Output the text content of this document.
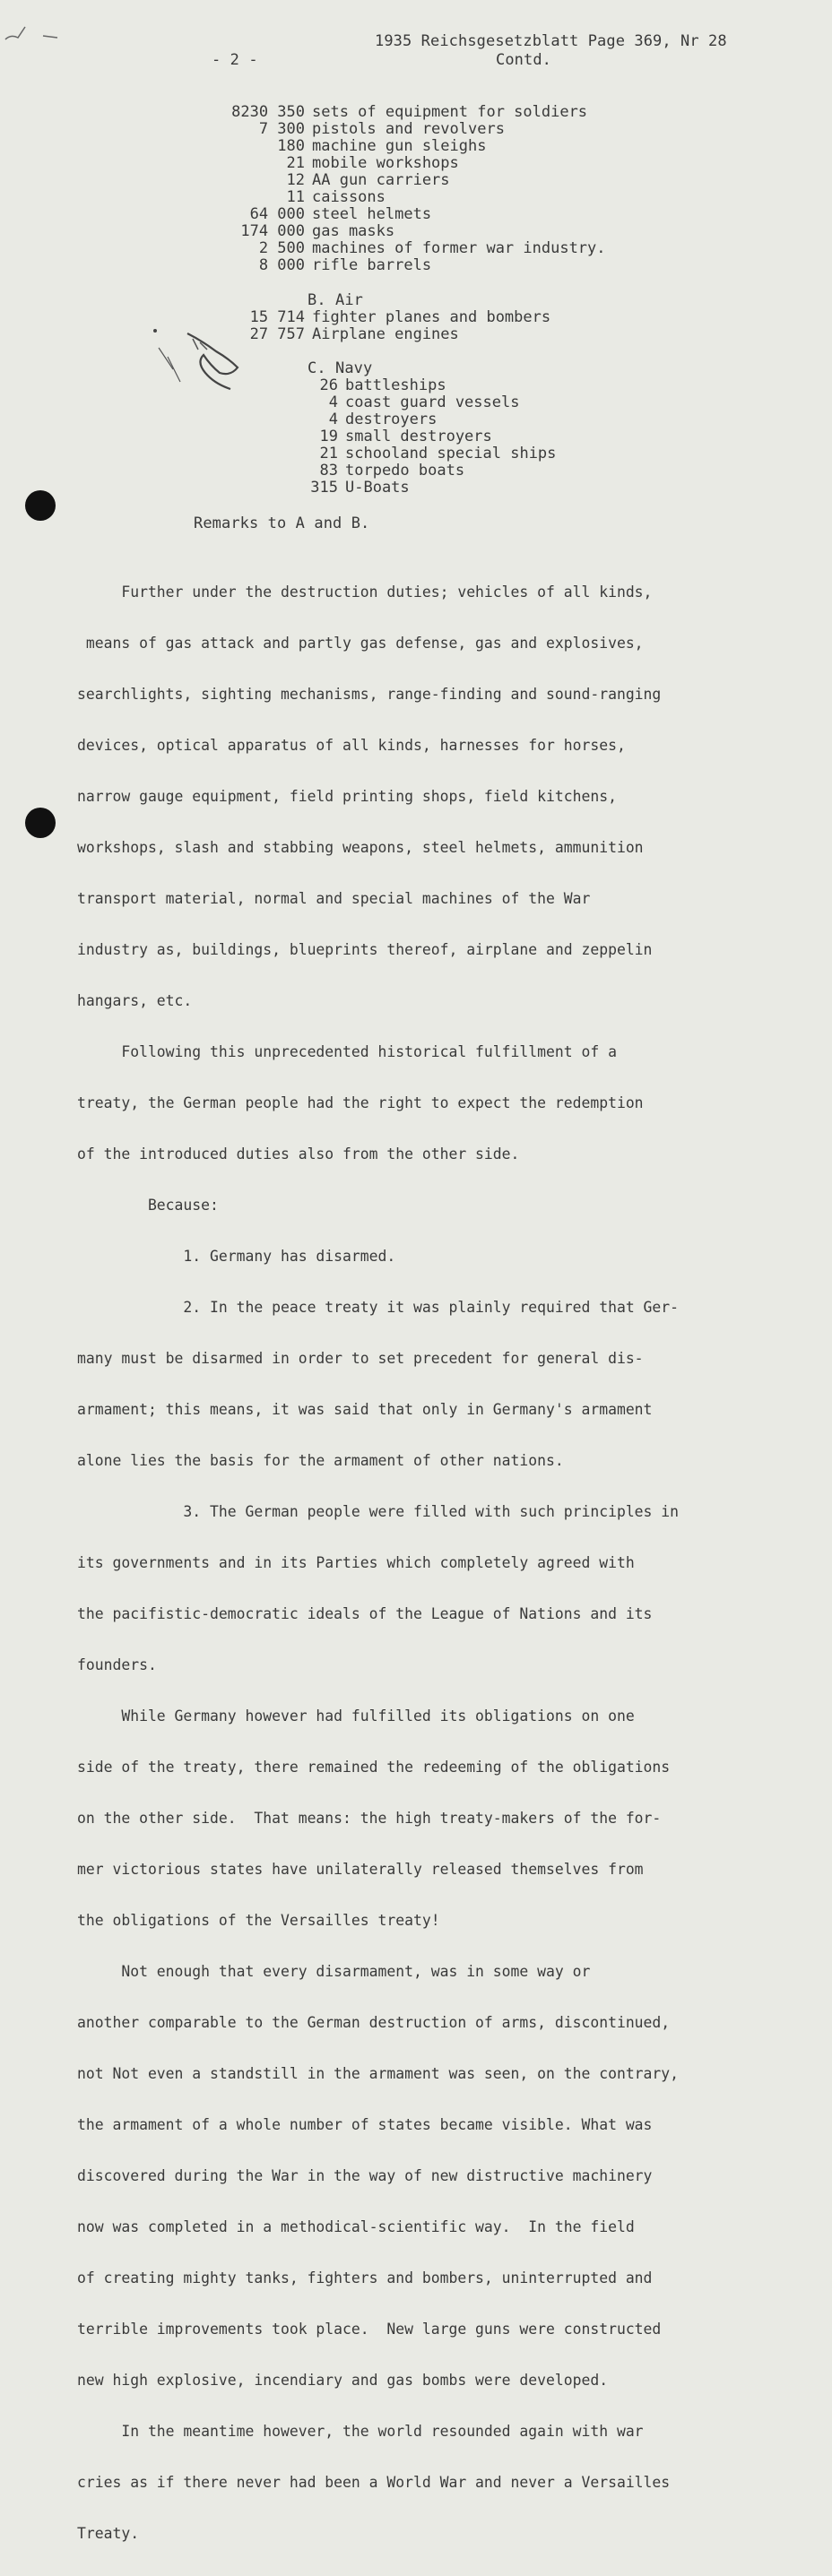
1935 Reichsgesetzblatt Page 369, Nr 28
- 2 -	Contd.
8230 350 sets of equipment for soldiers
7 300 pistols and revolvers
180 machine gun sleighs
21 mobile workshops
12 AA gun carriers
11 caissons
64 000 steel helmets
174 000 gas masks
2 500 machines of former war industry.
8 000 rifle barrels
B. Air
15 714 fighter planes and bombers
27 757 Airplane engines
C. Navy
26 battleships
4 coast guard vessels
4 destroyers
19 small destroyers
21 schooland special ships
83 torpedo boats
315 U-Boats
Remarks to A and B.

Further under the destruction duties; vehicles of all kinds,

means of gas attack and partly gas defense, gas and explosives,

searchlights, sighting mechanisms, range-finding and sound-ranging

devices, optical apparatus of all kinds, harnesses for horses,

narrow gauge equipment, field printing shops, field kitchens,

workshops, slash and stabbing weapons, steel helmets, ammunition

transport material, normal and special machines of the War

industry as, buildings, blueprints thereof, airplane and zeppelin

hangars, etc.

Following this unprecedented historical fulfillment of a

treaty, the German people had the right to expect the redemption

of the introduced duties also from the other side.

Because:

1. Germany has disarmed.

2. In the peace treaty it was plainly required that Ger-

many must be disarmed in order to set precedent for general dis-

armament; this means, it was said that only in Germany's armament

alone lies the basis for the armament of other nations.

3. The German people were filled with such principles in

its governments and in its Parties which completely agreed with

the pacifistic-democratic ideals of the League of Nations and its

founders.

While Germany however had fulfilled its obligations on one

side of the treaty, there remained the redeeming of the obligations

on the other side.  That means: the high treaty-makers of the for-

mer victorious states have unilaterally released themselves from

the obligations of the Versailles treaty!

Not enough that every disarmament, was in some way or

another comparable to the German destruction of arms, discontinued,

not Not even a standstill in the armament was seen, on the contrary,

the armament of a whole number of states became visible. What was

discovered during the War in the way of new distructive machinery

now was completed in a methodical-scientific way.  In the field

of creating mighty tanks, fighters and bombers, uninterrupted and

terrible improvements took place.  New large guns were constructed

new high explosive, incendiary and gas bombs were developed.

In the meantime however, the world resounded again with war

cries as if there never had been a World War and never a Versailles

Treaty.
